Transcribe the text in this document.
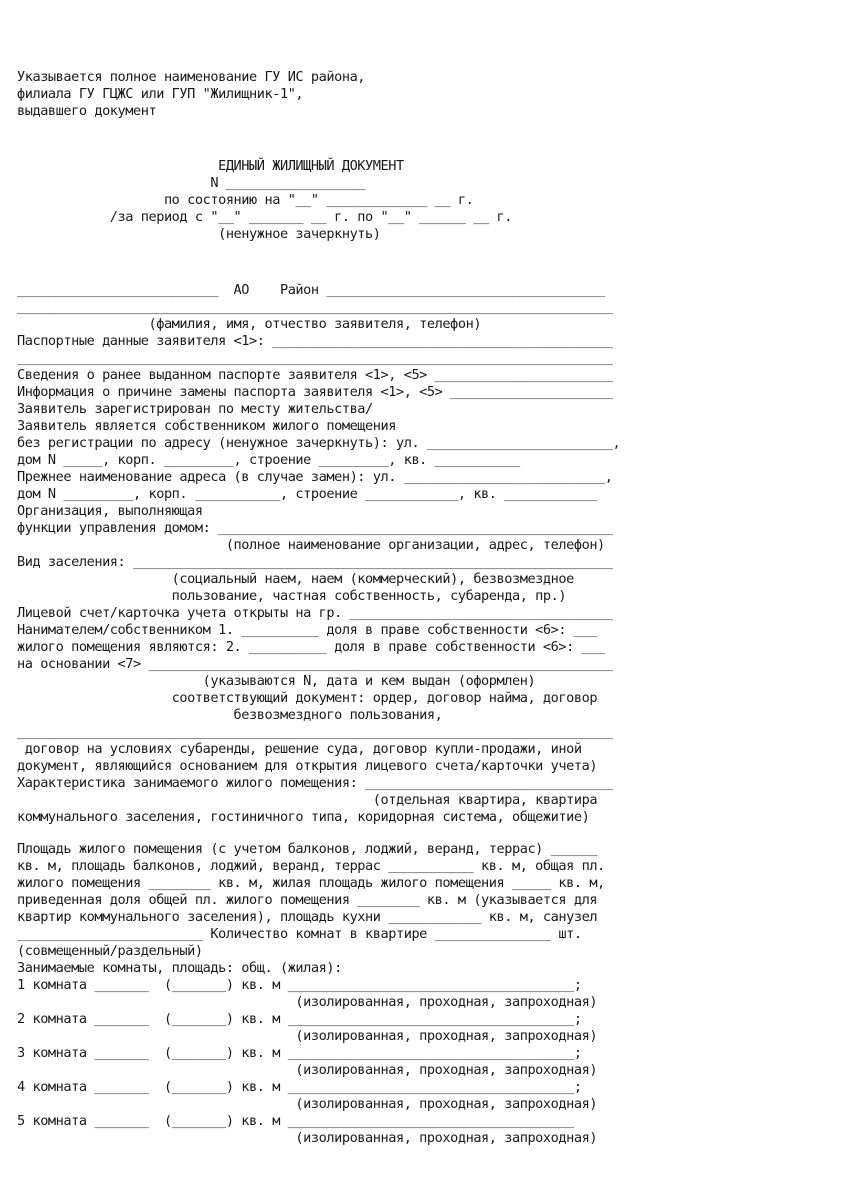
Указывается полное наименование ГУ ИС района,
филиала ГУ ГЦЖС или ГУП "Жилищник-1",
выдавшего документ
ЕДИНЫЙ ЖИЛИЩНЫЙ ДОКУМЕНТ
N __________________
по состоянию на "__" _____________ __ г.
/за период с "__" _______ __ г. по "__" ______ __ г.
(ненужное зачеркнуть)
__________________________  АО    Район ____________________________________
_____________________________________________________________________________
(фамилия, имя, отчество заявителя, телефон)
Паспортные данные заявителя <1>: ____________________________________________
_____________________________________________________________________________
Сведения о ранее выданном паспорте заявителя <1>, <5> _______________________
Информация о причине замены паспорта заявителя <1>, <5> _____________________
Заявитель зарегистрирован по месту жительства/
Заявитель является собственником жилого помещения
без регистрации по адресу (ненужное зачеркнуть): ул. ________________________,
дом N _____, корп. _________, строение _________, кв. ___________
Прежнее наименование адреса (в случае замен): ул. __________________________,
дом N _________, корп. ___________, строение ____________, кв. ____________
Организация, выполняющая
функции управления домом: ___________________________________________________
(полное наименование организации, адрес, телефон)
Вид заселения: ______________________________________________________________
(социальный наем, наем (коммерческий), безвозмездное
пользование, частная собственность, субаренда, пр.)
Лицевой счет/карточка учета открыты на гр. __________________________________
Нанимателем/собственником 1. __________ доля в праве собственности <6>: ___
жилого помещения являются: 2. __________ доля в праве собственности <6>: ___
на основании <7> ____________________________________________________________
(указываются N, дата и кем выдан (оформлен)
соответствующий документ: ордер, договор найма, договор
безвозмездного пользования,
_____________________________________________________________________________
договор на условиях субаренды, решение суда, договор купли-продажи, иной
документ, являющийся основанием для открытия лицевого счета/карточки учета)
Характеристика занимаемого жилого помещения: ________________________________
(отдельная квартира, квартира
коммунального заселения, гостиничного типа, коридорная система, общежитие)
Площадь жилого помещения (с учетом балконов, лоджий, веранд, террас) ______
кв. м, площадь балконов, лоджий, веранд, террас ___________ кв. м, общая пл.
жилого помещения ________ кв. м, жилая площадь жилого помещения _____ кв. м,
приведенная доля общей пл. жилого помещения ________ кв. м (указывается для
квартир коммунального заселения), площадь кухни ____________ кв. м, санузел
________________________ Количество комнат в квартире _______________ шт.
(совмещенный/раздельный)
Занимаемые комнаты, площадь: общ. (жилая):
1 комната _______  (_______) кв. м _____________________________________;
(изолированная, проходная, запроходная)
2 комната _______  (_______) кв. м _____________________________________;
(изолированная, проходная, запроходная)
3 комната _______  (_______) кв. м _____________________________________;
(изолированная, проходная, запроходная)
4 комната _______  (_______) кв. м _____________________________________;
(изолированная, проходная, запроходная)
5 комната _______  (_______) кв. м _____________________________________
(изолированная, проходная, запроходная)
